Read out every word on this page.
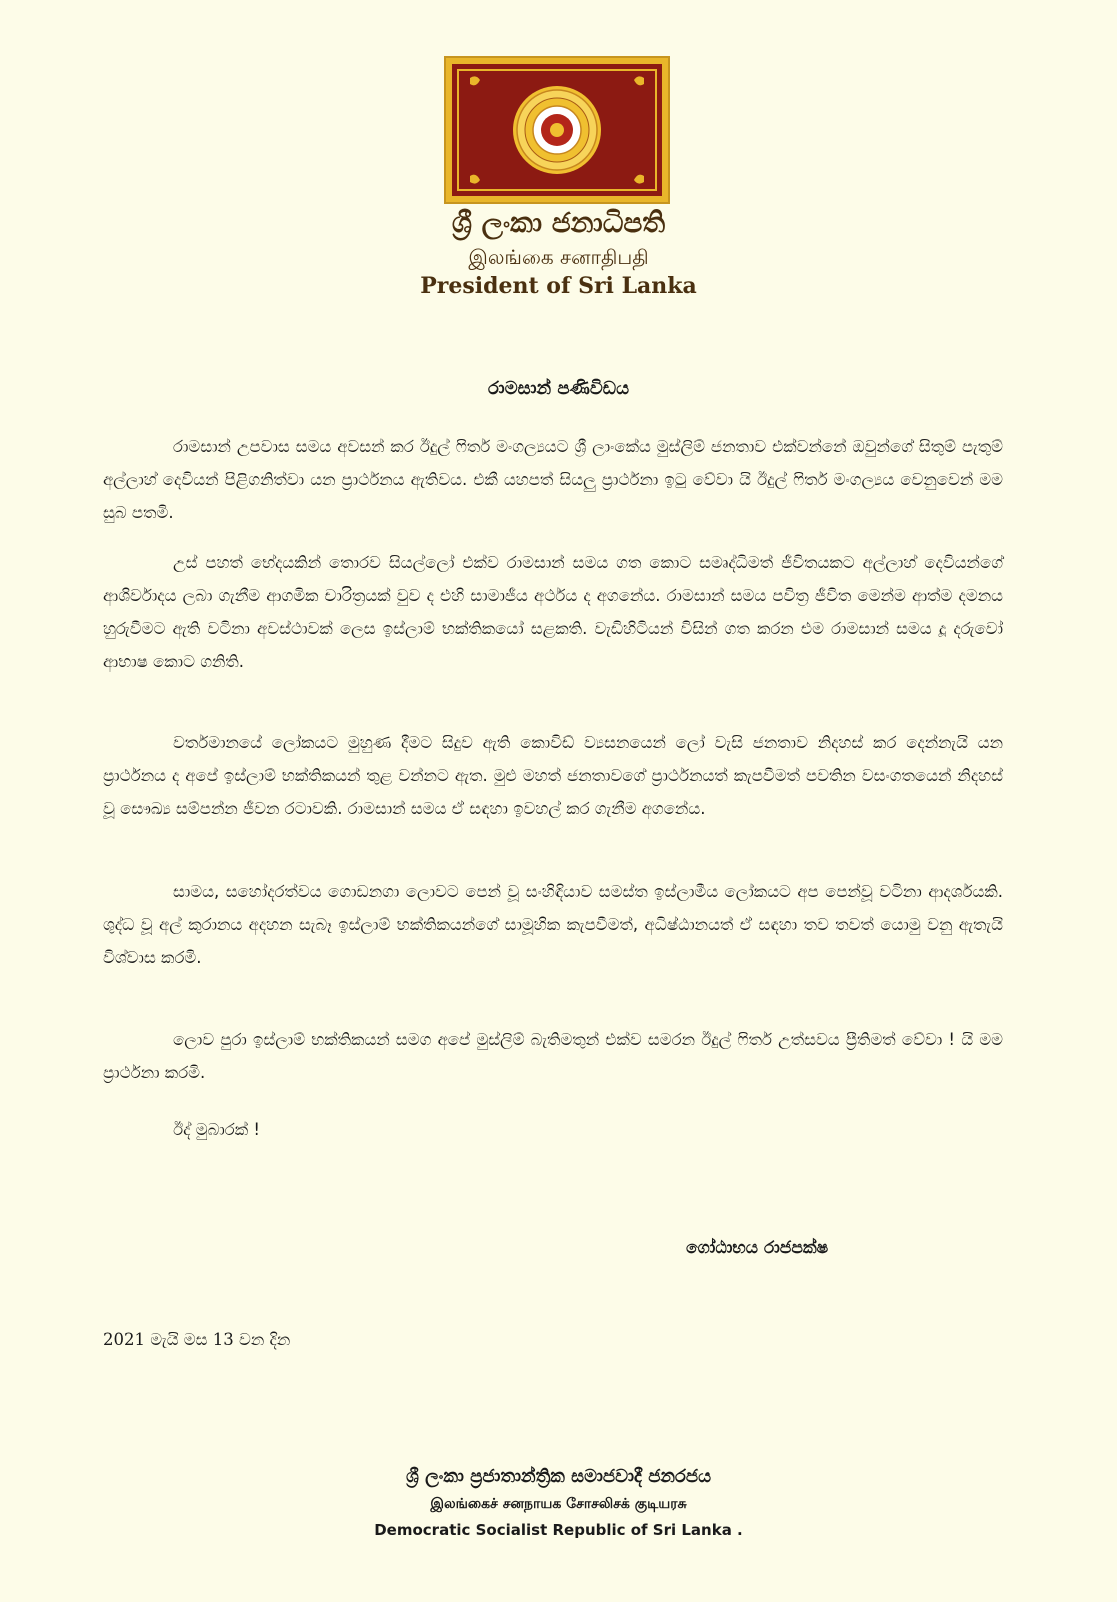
ශ්‍රී ලංකා ජනාධිපති
இலங்கை சனாதிபதி
President of Sri Lanka
රාමසාන් පණිවිඩය

රාමසාන් උපවාස සමය අවසන් කර ඊදුල් ෆිතර් මංගල්‍යයට ශ්‍රී ලාංකේය මුස්ලිම් ජනතාව එක්වන්නේ ඔවුන්ගේ සිතුම් පැතුම් අල්ලාහ් දෙවියන් පිළිගනිත්වා යන ප්‍රාර්ථනය ඇතිවය. එකී යහපත් සියලු ප්‍රාර්ථනා ඉටු වේවා යි ඊදුල් ෆිතර් මංගල්‍යය වෙනුවෙන් මම සුබ පතමි.

උස් පහත් භේදයකින් තොරව සියල්ලෝ එක්ව රාමසාන් සමය ගත කොට සමෘද්ධිමත් ජීවිතයකට අල්ලාහ් දෙවියන්ගේ ආශිර්වාදය ලබා ගැනීම ආගමික චාරිත්‍රයක් වුව ද එහි සාමාජීය අර්ථය ද අගනේය. රාමසාන් සමය පවිත්‍ර ජීවිත මෙන්ම ආත්ම දමනය හුරුවීමට ඇති වටිනා අවස්ථාවක් ලෙස ඉස්ලාම් භක්තිකයෝ සළකති. වැඩිහිටියන් විසින් ගත කරන එම රාමසාන් සමය දූ දරුවෝ ආභාෂ කොට ගනිති.

වර්තමානයේ ලෝකයට මුහුණ දීමට සිදුව ඇති කොවිඩ් ව්‍යසනයෙන් ලෝ වැසි ජනතාව නිදහස් කර දෙන්නැයි යන ප්‍රාර්ථනය ද අපේ ඉස්ලාම් භක්තිකයන් තුළ වන්නට ඇත. මුළු මහත් ජනතාවගේ ප්‍රාර්ථනයත් කැපවීමත් පවතින වසංගතයෙන් නිදහස් වූ සෞඛ්‍ය සම්පන්න ජීවන රටාවකි. රාමසාන් සමය ඒ සඳහා ඉවහල් කර ගැනීම අගනේය.

සාමය, සහෝදරත්වය ගොඩනගා ලොවට පෙන් වූ සංහිඳියාව සමස්ත ඉස්ලාමීය ලෝකයට අප පෙන්වූ වටිනා ආදර්ශයකි. ශුද්ධ වූ අල් කුරානය අදහන සැබෑ ඉස්ලාම් භක්තිකයන්ගේ සාමූහික කැපවීමත්, අධිෂ්ඨානයත් ඒ සඳහා තව තවත් යොමු වනු ඇතැයි විශ්වාස කරමි.

ලොව පුරා ඉස්ලාම් භක්තිකයන් සමග අපේ මුස්ලිම් බැතිමතුන් එක්ව සමරන ඊදුල් ෆිතර් උත්සවය ප්‍රීතිමත් වේවා ! යි මම ප්‍රාර්ථනා කරමි.

ඊද් මුබාරක් !
ගෝඨාභය රාජපක්ෂ
2021 මැයි මස 13 වන දින
ශ්‍රී ලංකා ප්‍රජාතාන්ත්‍රික සමාජවාදී ජනරජය
இலங்கைச் சனநாயக சோசலிசக் குடியரசு
Democratic Socialist Republic of Sri Lanka .
